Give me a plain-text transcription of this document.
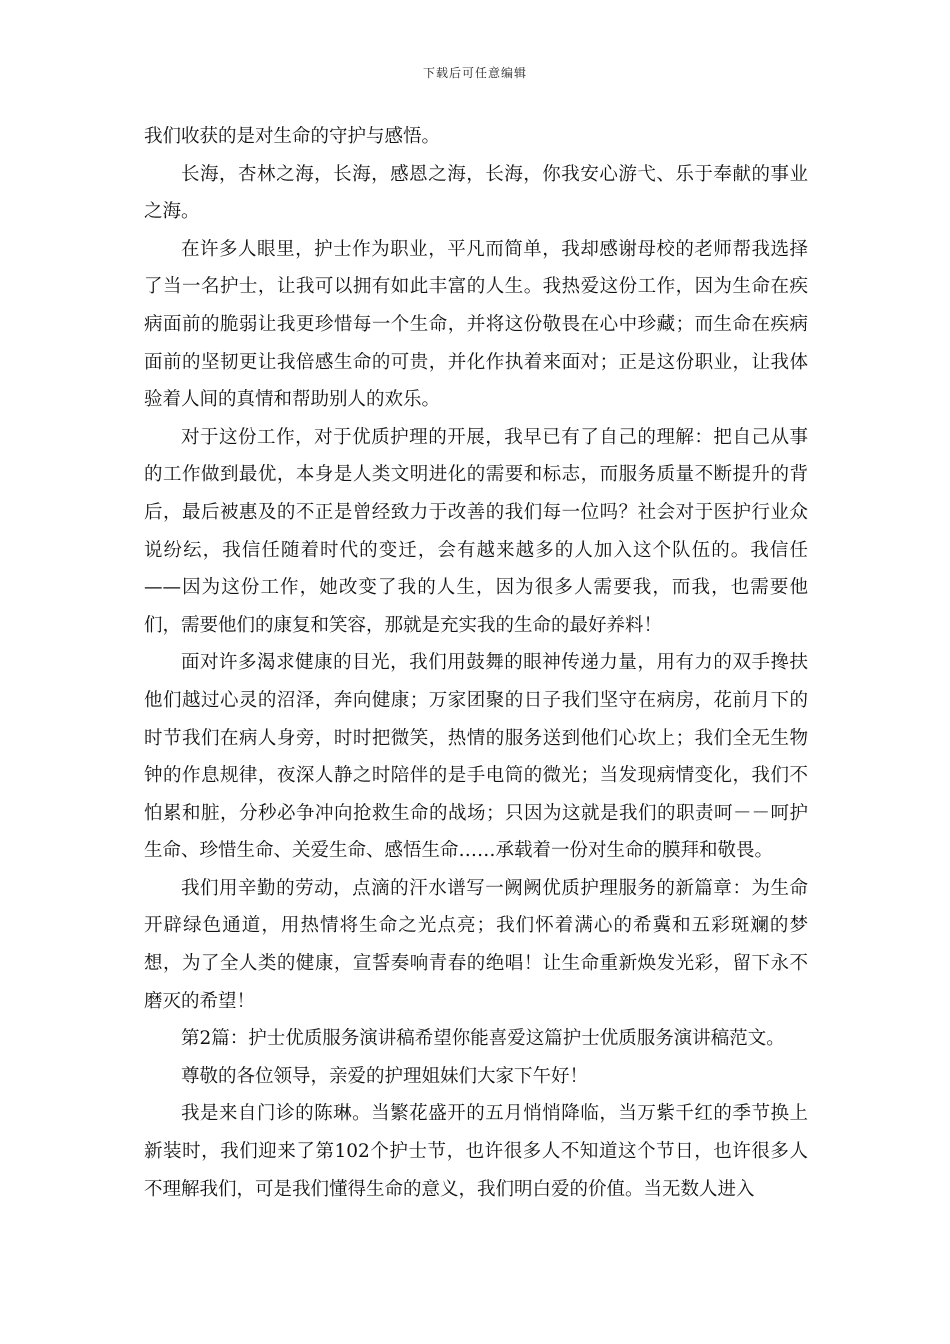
下载后可任意编辑

我们收获的是对生命的守护与感悟。

长海，杏林之海，长海，感恩之海，长海，你我安心游弋、乐于奉献的事业之海。

在许多人眼里，护士作为职业，平凡而简单，我却感谢母校的老师帮我选择了当一名护士，让我可以拥有如此丰富的人生。我热爱这份工作，因为生命在疾病面前的脆弱让我更珍惜每一个生命，并将这份敬畏在心中珍藏；而生命在疾病面前的坚韧更让我倍感生命的可贵，并化作执着来面对；正是这份职业，让我体验着人间的真情和帮助别人的欢乐。

对于这份工作，对于优质护理的开展，我早已有了自己的理解：把自己从事的工作做到最优，本身是人类文明进化的需要和标志，而服务质量不断提升的背后，最后被惠及的不正是曾经致力于改善的我们每一位吗？社会对于医护行业众说纷纭，我信任随着时代的变迁，会有越来越多的人加入这个队伍的。我信任——因为这份工作，她改变了我的人生，因为很多人需要我，而我，也需要他们，需要他们的康复和笑容，那就是充实我的生命的最好养料！

面对许多渴求健康的目光，我们用鼓舞的眼神传递力量，用有力的双手搀扶他们越过心灵的沼泽，奔向健康；万家团聚的日子我们坚守在病房，花前月下的时节我们在病人身旁，时时把微笑，热情的服务送到他们心坎上；我们全无生物钟的作息规律，夜深人静之时陪伴的是手电筒的微光；当发现病情变化，我们不怕累和脏，分秒必争冲向抢救生命的战场；只因为这就是我们的职责呵－－呵护生命、珍惜生命、关爱生命、感悟生命……承载着一份对生命的膜拜和敬畏。

我们用辛勤的劳动，点滴的汗水谱写一阙阙优质护理服务的新篇章：为生命开辟绿色通道，用热情将生命之光点亮；我们怀着满心的希冀和五彩斑斓的梦想，为了全人类的健康，宣誓奏响青春的绝唱！让生命重新焕发光彩，留下永不磨灭的希望！

第2篇：护士优质服务演讲稿希望你能喜爱这篇护士优质服务演讲稿范文。

尊敬的各位领导，亲爱的护理姐妹们大家下午好！

我是来自门诊的陈琳。当繁花盛开的五月悄悄降临，当万紫千红的季节换上新装时，我们迎来了第102个护士节，也许很多人不知道这个节日，也许很多人不理解我们，可是我们懂得生命的意义，我们明白爱的价值。当无数人进入
